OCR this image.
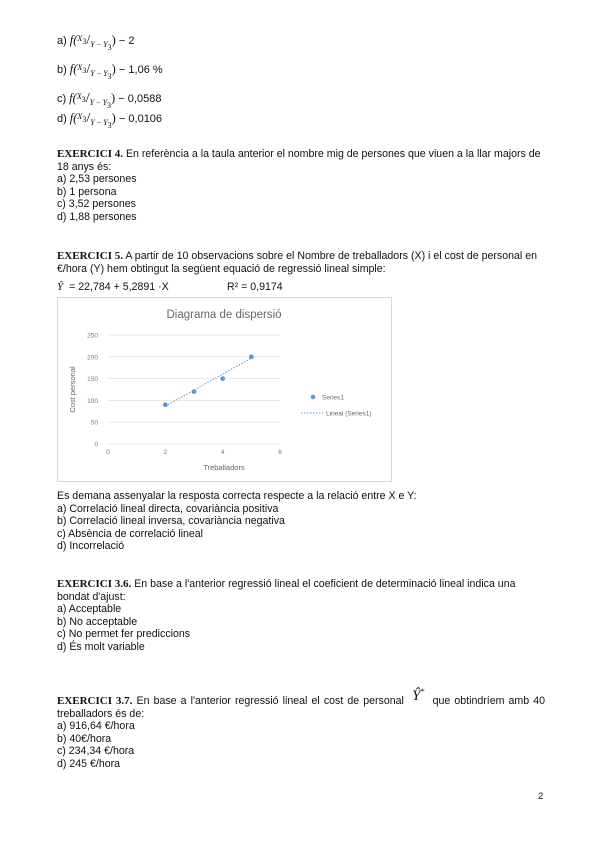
a) $f(^{X_3}/_{Y - Y_3}) - 2$
b) $f(^{X_3}/_{Y - Y_3}) - 1,06$ %
c) $f(^{X_3}/_{Y - Y_3}) - 0,0588$
d) $f(^{X_3}/_{Y - Y_3}) - 0,0106$
EXERCICI 4. En referència a la taula anterior el nombre mig de persones que viuen a la llar majors de 18 anys és:
a) 2,53 persones
b) 1 persona
c) 3,52 persones
d) 1,88 persones
EXERCICI 5. A partir de 10 observacions sobre el Nombre de treballadors (X) i el cost de personal en €/hora (Y) hem obtingut la següent equació de regressió lineal simple:
Ŷ = 22,784 + 5,2891 ·X	R² = 0,9174
Diagrama de dispersió
0
50
100
150
200
250
0	2	4	6
Treballadors
Cost personal	Series1
Lineal (Series1)
Es demana assenyalar la resposta correcta respecte a la relació entre X e Y:
a) Correlació lineal directa, covariància positiva
b) Correlació lineal inversa, covariància negativa
c) Absència de correlació lineal
d) Incorrelació
EXERCICI 3.6. En base a l'anterior regressió lineal el coeficient de determinació lineal indica una bondat d'ajust:
a) Acceptable
b) No acceptable
c) No permet fer prediccions
d) És molt variable
EXERCICI 3.7. En base a l'anterior regressió lineal el cost de personal Ŷ*  que obtindríem amb 40 treballadors és de:
a) 916,64 €/hora
b) 40€/hora
c) 234,34 €/hora
d) 245 €/hora
2
